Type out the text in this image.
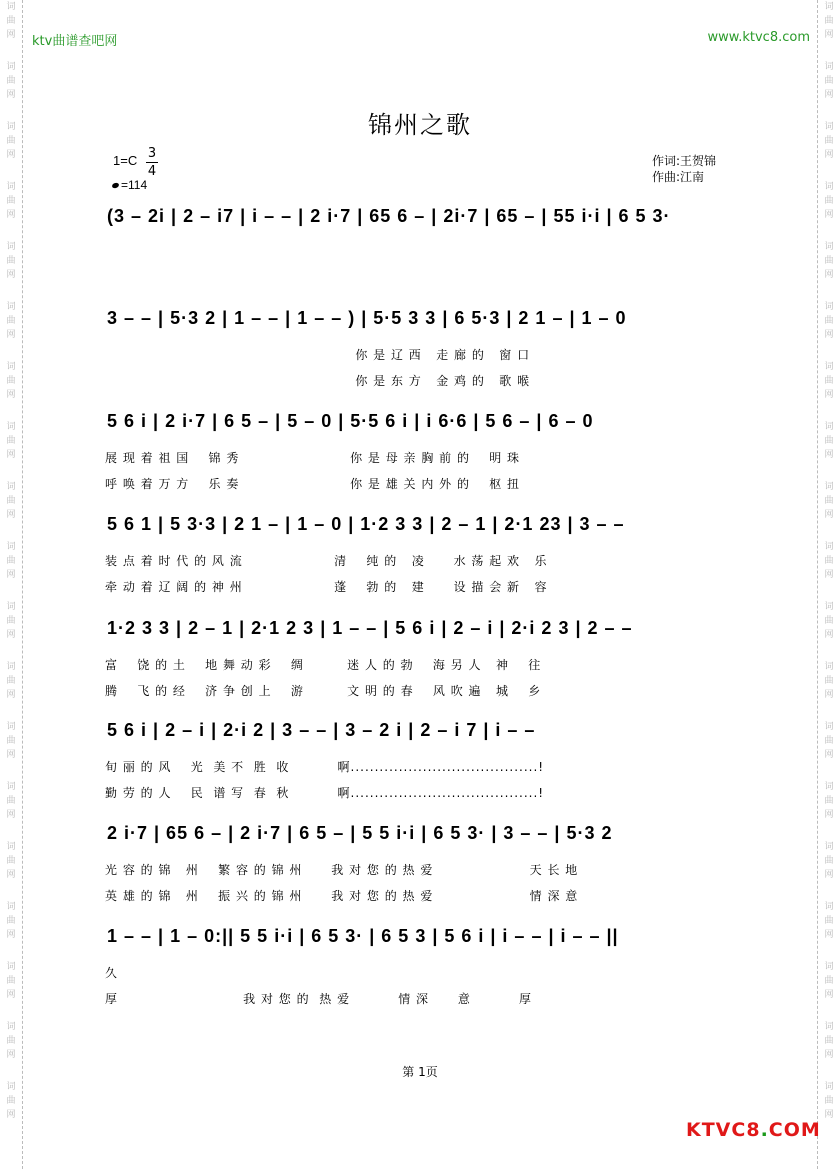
词
曲
网
词
曲
网
词
曲
网
词
曲
网
词
曲
网
词
曲
网
词
曲
网
词
曲
网
词
曲
网
词
曲
网
词
曲
网
词
曲
网
词
曲
网
词
曲
网
词
曲
网
词
曲
网
词
曲
网
词
曲
网
词
曲
网
词
曲
网
词
曲
网
词
曲
网
词
曲
网
词
曲
网
词
曲
网
词
曲
网
词
曲
网
词
曲
网
词
曲
网
词
曲
网
词
曲
网
词
曲
网
词
曲
网
词
曲
网
词
曲
网
词
曲
网
词
曲
网
词
曲
网
ktv曲谱查吧网	www.ktvc8.com
锦州之歌
1=C 3
4
=114
作词:王贺锦
作曲:江南
(3 – 2i | 2 – i7 | i – – | 2 i·7 | 65 6 – | 2i·7 | 65 – | 55 i·i | 6 5 3·
3 – – | 5·3 2 | 1 – – | 1 – – ) | 5·5 3 3 | 6 5·3 | 2 1 – | 1 – 0
你 是 辽 西   走 廊 的   窗 口
你 是 东 方   金 鸡 的   歌 喉
5 6 i | 2 i·7 | 6 5 – | 5 – 0 | 5·5 6 i | i 6·6 | 5 6 – | 6 – 0
展 现 着 祖 国    锦 秀                       你 是 母 亲 胸 前 的    明 珠
呼 唤 着 万 方    乐 奏                       你 是 雄 关 内 外 的    枢 扭
5 6 1 | 5 3·3 | 2 1 – | 1 – 0 | 1·2 3 3 | 2 – 1 | 2·1 23 | 3 – –
装 点 着 时 代 的 风 流                   清    纯 的   凌      水 荡 起 欢   乐
牵 动 着 辽 阔 的 神 州                   蓬    勃 的   建      设 描 会 新   容
1·2 3 3 | 2 – 1 | 2·1 2 3 | 1 – – | 5 6 i | 2 – i | 2·i 2 3 | 2 – –
富    饶 的 土    地 舞 动 彩    绸         迷 人 的 勃    海 另 人   神    往
腾    飞 的 经    济 争 创 上    游         文 明 的 春    风 吹 遍   城    乡
5 6 i | 2 – i | 2·i 2 | 3 – – | 3 – 2 i | 2 – i 7 | i – –
旬 丽 的 风    光  美 不  胜  收          啊.......................................!
勤 劳 的 人    民  谱 写  春  秋          啊.......................................!
2 i·7 | 65 6 – | 2 i·7 | 6 5 – | 5 5 i·i | 6 5 3· | 3 – – | 5·3 2
光 容 的 锦   州    繁 容 的 锦 州      我 对 您 的 热 爱                    天 长 地
英 雄 的 锦   州    振 兴 的 锦 州      我 对 您 的 热 爱                    情 深 意
1 – – | 1 – 0:|| 5 5 i·i | 6 5 3· | 6 5 3 | 5 6 i | i – – | i – – ||
久
厚                          我 对 您 的  热 爱          情 深      意          厚
第 1页
KTVC8.COM
